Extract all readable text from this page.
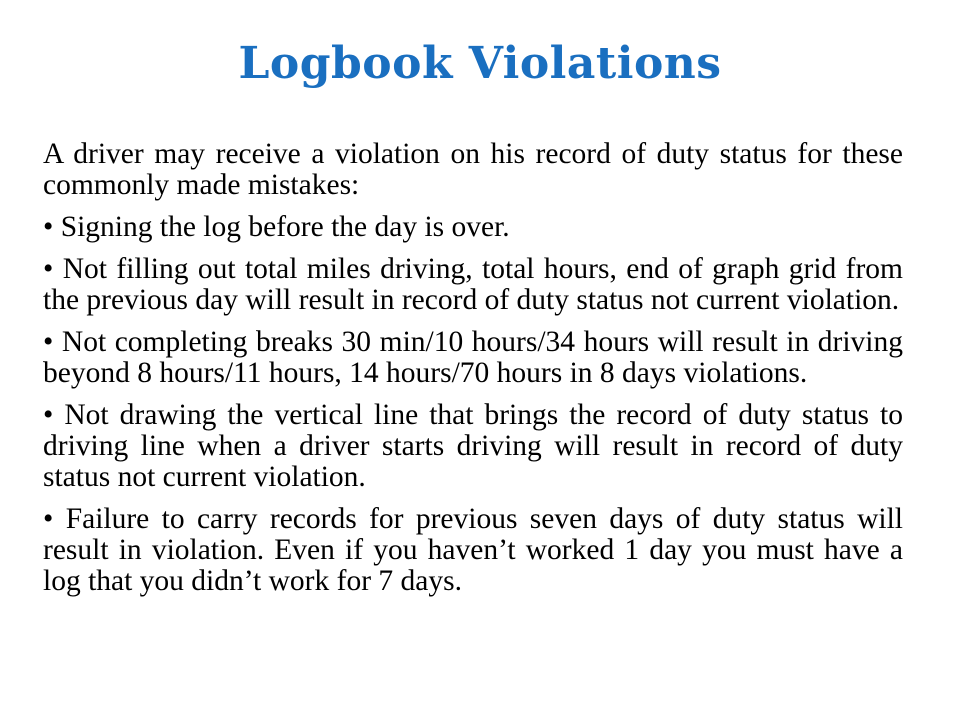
Logbook Violations

A driver may receive a violation on his record of duty status for these commonly made mistakes:

• Signing the log before the day is over.

• Not filling out total miles driving, total hours, end of graph grid from the previous day will result in record of duty status not current violation.

• Not completing breaks 30 min/10 hours/34 hours will result in driving beyond 8 hours/11 hours, 14 hours/70 hours in 8 days violations.

• Not drawing the vertical line that brings the record of duty status to driving line when a driver starts driving will result in record of duty status not current violation.

• Failure to carry records for previous seven days of duty status will result in violation. Even if you haven’t worked 1 day you must have a log that you didn’t work for 7 days.
